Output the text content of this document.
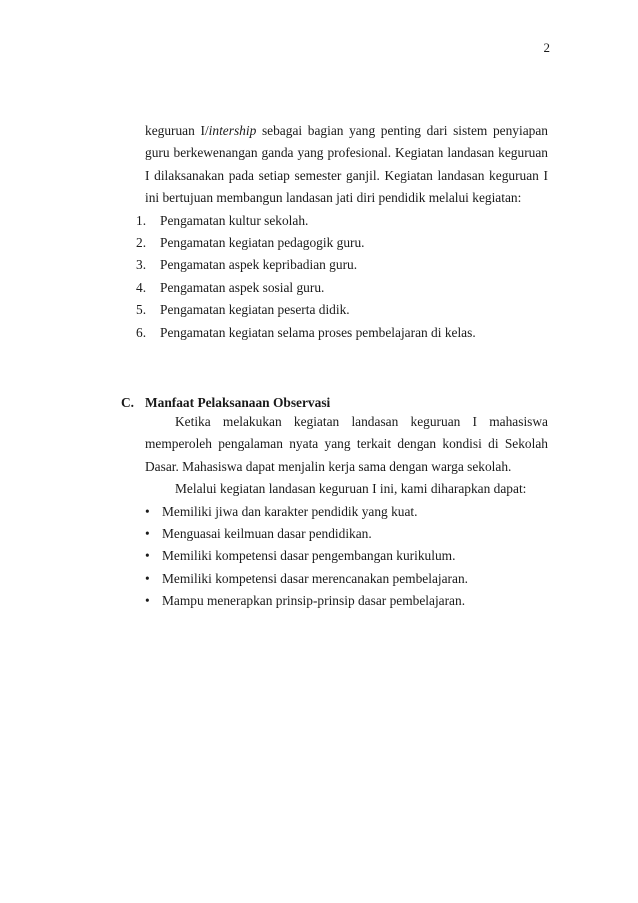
2

keguruan I/intership sebagai bagian yang penting dari sistem penyiapan guru berkewenangan ganda yang profesional. Kegiatan landasan keguruan I dilaksanakan pada setiap semester ganjil. Kegiatan landasan keguruan I ini bertujuan membangun landasan jati diri pendidik melalui kegiatan:

1. Pengamatan kultur sekolah.
2. Pengamatan kegiatan pedagogik guru.
3. Pengamatan aspek kepribadian guru.
4. Pengamatan aspek sosial guru.
5. Pengamatan kegiatan peserta didik.
6. Pengamatan kegiatan selama proses pembelajaran di kelas.
C. Manfaat Pelaksanaan Observasi

Ketika melakukan kegiatan landasan keguruan I mahasiswa memperoleh pengalaman nyata yang terkait dengan kondisi di Sekolah Dasar. Mahasiswa dapat menjalin kerja sama dengan warga sekolah.

Melalui kegiatan landasan keguruan I ini, kami diharapkan dapat:

• Memiliki jiwa dan karakter pendidik yang kuat.
• Menguasai keilmuan dasar pendidikan.
• Memiliki kompetensi dasar pengembangan kurikulum.
• Memiliki kompetensi dasar merencanakan pembelajaran.
• Mampu menerapkan prinsip-prinsip dasar pembelajaran.
